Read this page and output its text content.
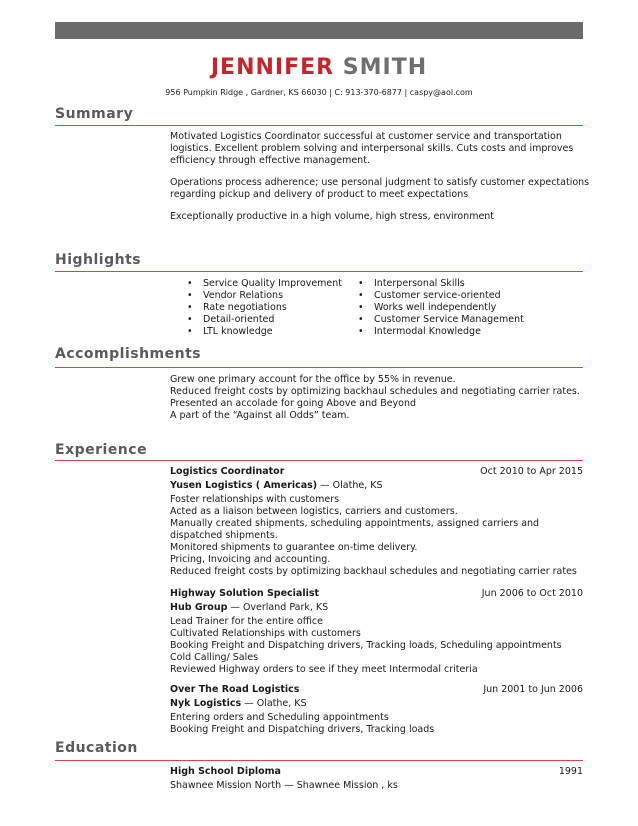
JENNIFER SMITH
956 Pumpkin Ridge , Gardner, KS 66030 | C: 913-370-6877 | caspy@aol.com
Summary

Motivated Logistics Coordinator successful at customer service and transportation logistics. Excellent problem solving and interpersonal skills. Cuts costs and improves efficiency through effective management.

Operations process adherence; use personal judgment to satisfy customer expectations regarding pickup and delivery of product to meet expectations

Exceptionally productive in a high volume, high stress, environment

Highlights
• Service Quality Improvement
• Vendor Relations
• Rate negotiations
• Detail-oriented
• LTL knowledge
• Interpersonal Skills
• Customer service-oriented
• Works well independently
• Customer Service Management
• Intermodal Knowledge
Accomplishments

Grew one primary account for the office by 55% in revenue.

Reduced freight costs by optimizing backhaul schedules and negotiating carrier rates.

Presented an accolade for going Above and Beyond

A part of the “Against all Odds” team.

Experience
Logistics Coordinator	Oct 2010 to Apr 2015
Yusen Logistics ( Americas) — Olathe, KS

Foster relationships with customers

Acted as a liaison between logistics, carriers and customers.

Manually created shipments, scheduling appointments, assigned carriers and dispatched shipments.

Monitored shipments to guarantee on-time delivery.

Pricing, Invoicing and accounting.

Reduced freight costs by optimizing backhaul schedules and negotiating carrier rates

Highway Solution Specialist	Jun 2006 to Oct 2010
Hub Group — Overland Park, KS

Lead Trainer for the entire office

Cultivated Relationships with customers

Booking Freight and Dispatching drivers, Tracking loads, Scheduling appointments

Cold Calling/ Sales

Reviewed Highway orders to see if they meet Intermodal criteria

Over The Road Logistics	Jun 2001 to Jun 2006
Nyk Logistics — Olathe, KS

Entering orders and Scheduling appointments

Booking Freight and Dispatching drivers, Tracking loads

Education
High School Diploma	1991

Shawnee Mission North — Shawnee Mission , ks
